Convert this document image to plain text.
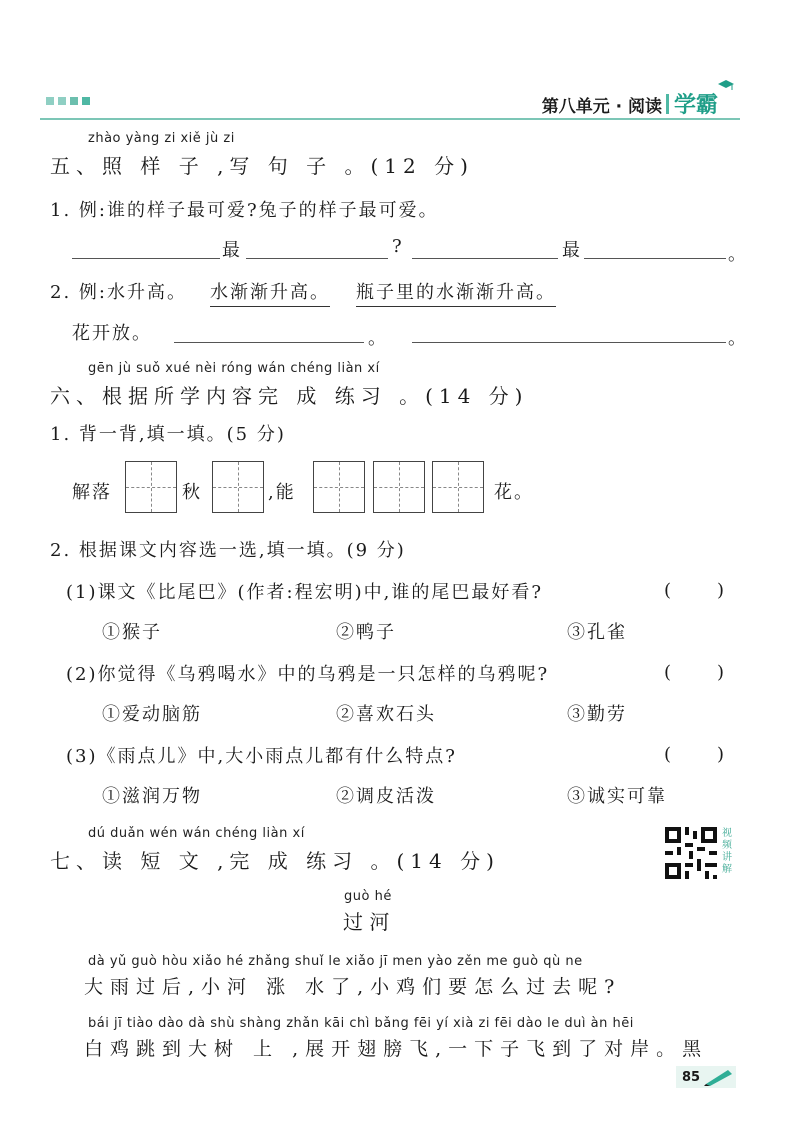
第八单元 · 阅读 学霸
zhào yàng zi xiě jù zi
五、照 样 子 ,写 句 子 。(12 分)
1. 例:谁的样子最可爱?兔子的样子最可爱。
最	?	最	。
2. 例:水升高。 水渐渐升高。 瓶子里的水渐渐升高。
花开放。	。	。
gēn jù suǒ xué nèi róng wán chéng liàn xí
六、根据所学内容完 成 练习 。(14 分)
1. 背一背,填一填。(5 分)
解落	秋	,能	花。
2. 根据课文内容选一选,填一填。(9 分)
(1)课文《比尾巴》(作者:程宏明)中,谁的尾巴最好看?	()
①猴子	②鸭子	③孔雀
(2)你觉得《乌鸦喝水》中的乌鸦是一只怎样的乌鸦呢?	()
①爱动脑筋	②喜欢石头	③勤劳
(3)《雨点儿》中,大小雨点儿都有什么特点?	()
①滋润万物	②调皮活泼	③诚实可靠
dú duǎn wén wán chéng liàn xí
七、读 短 文 ,完 成 练习 。(14 分)
视频讲解
guò hé
过 河
dà yǔ guò hòu xiǎo hé zhǎng shuǐ le xiǎo jī men yào zěn me guò qù ne
大雨过后,小河 涨 水了,小鸡们要怎么过去呢?
bái jī tiào dào dà shù shàng zhǎn kāi chì bǎng fēi yí xià zi fēi dào le duì àn hēi
白鸡跳到大树 上 ,展开翅膀飞,一下子飞到了对岸。黑
85
